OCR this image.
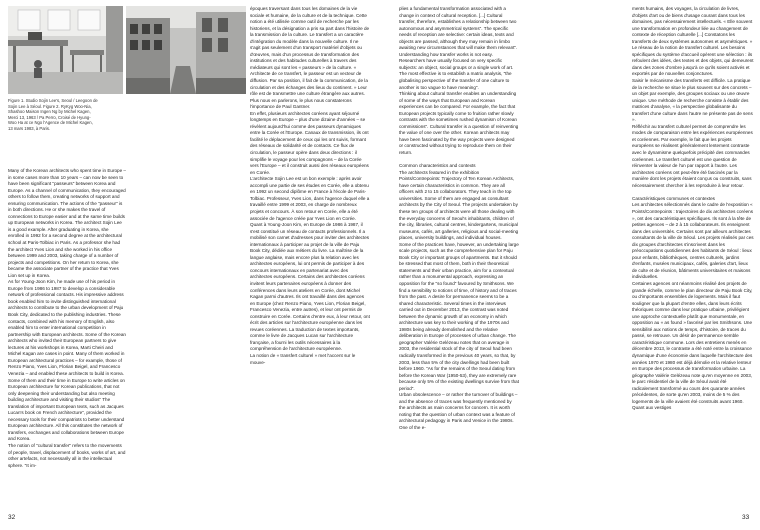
Figure 1. Studio Sojin Lee's, Seoul / Leegoon de Sojin Lee à Séoul. Figure 2. RyKyg Woo-Nia, Shashoo Maison Ingen Ng by Michel Kagen, Merci 13, 1963 / Pa Perro, Croisé de Hyung-Woo Ha at ce Ngo l'Agence de Michel Kagen, 13 mars 1983, à Paris.

Many of the Korean architects who spent time in Europe – in some cases more than 10 years – can now be seen to have been significant "passeurs" between Korea and Europe. As a channel of communication, they encouraged others to follow them, creating networks of support and ensuring communication. The actions of the "passeur" is in both directions. He or she makes the travel of connections to Europe easier and at the same time builds up European networks in Korea. The architect Sojin Lee is a good example. After graduating in Korea, she enrolled in 1992 for a second degree at the architectural school at Paris-Tolbiac in Paris. As a professor she had the architect Yves Lion and she worked in his office between 1999 and 2003, taking charge of a number of projects and competitions. On her return to Korea, she became the associate partner of the practice that Yves Lion set up in Korea.
As for Young-Joon Kim, he made use of his period in Europe from 1986 to 1987 to develop a considerable network of professional contacts. His impressive address book enabled him to invite distinguished international architects to contribute to the urban development of Paju Book City, dedicated to the publishing industries. These contacts, combined with his memory of English, also enabled him to enter international competition in partnership with European architects. Some of the Korean architects who invited their European partners to give lectures at his workshops in Korea, Marti Cheiri and Michel Kagan are cases in point. Many of them worked in European architectural practices – for example, those of Renzo Piano, Yves Lion, Florian Beigel, and Francesco Venezia – and enabled these architects to build in Korea. Some of them and their time in Europe to write articles on European architecture for Korean publications, that not only deepening their understanding but also meeting building architecture and visiting their studios" The translation of important European texts, such as Jacques Lucan's book on French architecture", provided the necessary tools for their compatriots to better understand European architecture. All this constitutes the network of transfers, exchanges and collaborations between Europe and Korea.
The notion of "cultural transfer" refers to the movements of people, travel, displacement of books, works of art, and other artefacts, not necessarily all in the intellectual sphere. "It im-

époques traversant dans tous les domaines de la vie sociale et humaine, de la culture et de la technique. Cette notion a été utilisée comme outil de recherche par les historiens, et la désignation a pris sa part dans l'histoire de la transmission de la culture. Le transfert a un caractère d'intégration du modèle dans la nouvelle culture. Il ne s'agit pas seulement d'un transport matériel d'objets ou d'œuvres, mais d'un processus de transformation des institutions et des habitudes culturelles à travers des médiateurs qui sont les « passeurs » de la culture. « Architecte de ce transfert, le passeur est un vecteur de diffusion. Par sa position, il fait de la communication, de la circulation et des échanges des lieux du continent. » Leur rôle est de transmettre une culture étrangère aux autres. Plus nous en parlerons, le plus nous constaterons l'importance de Paul Gantner.
En effet, plusieurs architectes coréens ayant séjourné longtemps en Europe – plus d'une dizaine d'années – se révèlent aujourd'hui comme des passeurs dynamiques entre la Corée et l'Europe. Canaux de transmission, ils ont facilité le déplacement de ceux qui les ont suivis, formant des réseaux de solidarité et de contacts. Ce flux de circulation, le passeur opère dans deux directions : il simplifie le voyage pour les compagnons – de la Corée vers l'Europe – et il construit aussi des réseaux européens en Corée.
L'architecte Sojin Lee est un bon exemple : après avoir accompli une partie de ses études en Corée, elle a obtenu en 1992 un second diplôme en France à l'école de Paris-Tolbiac. Professeur, Yves Lion, dans l'agence duquel elle a travaillé entre 1999 et 2003, en charge de nombreux projets et concours. À son retour en Corée, elle a été associée de l'agence créée par Yves Lion en Corée.
Quant à Young-Joon Kim, en Europe de 1986 à 1987, il s'est constitué un réseau de contacts professionnels. Il a mobilisé son carnet d'adresses pour inviter des architectes internationaux à participer au projet de la ville de Paju Book City, dédiée aux métiers du livre. La maîtrise de la langue anglaise, mais encore plus la relation avec les architectes européens, lui ont permis de participer à des concours internationaux en partenariat avec des architectes européens. Certains des architectes coréens invitent leurs partenaires européens à donner des conférences dans leurs ateliers en Corée, dont Michel Kagan parmi d'autres. Ils ont travaillé dans des agences en Europe (chez Renzo Piano, Yves Lion, Florian Beigel, Francesco Venezia, entre autres), et leur ont permis de construire en Corée. Certains d'entre eux, à leur retour, ont écrit des articles sur l'architecture européenne dans les revues coréennes. La traduction de textes importants, comme le livre de Jacques Lucan sur l'architecture française, a fourni les outils nécessaires à la compréhension de l'architecture européenne.
La notion de « transfert culturel » met l'accent sur le mouve-

32

plies a fundamental transformation associated with a change in context of cultural reception. [...] Cultural transfer, therefore, establishes a relationship between two autonomous and asymmetrical systems". The specific needs of reception are selective: certain ideas, texts and objects are passed, although they may remain in limbo awaiting new circumstances that will make them relevant".
Understanding how transfer works is not easy. Researchers have usually focused on very specific subjects: an object, social groups or a single work of art. The most effective is to establish a matrix analysis, "the globalising perspective of the transfer of one culture to another is too vague to have meaning".
Thinking about cultural transfer enables an understanding of some of the ways that European and Korean experiences can be compared. For example, the fact that European projects typically come to fruition rather slowly contrasts with the sometimes rushed dynamism of Korean commissions". Cultural transfer is a question of reinventing the value of one over the other. Korean architects may have been fascinated by the way projects were designed or constructed without trying to reproduce them on their return.

Common characteristics and contexts
The architects featured in the exhibition Points/Contrepoints: Trajectory of Ten Korean Architects, have certain characteristics in common. They are all officers with 2 to 15 collaborators. They teach in the top universities. Some of them are engaged as consultant architects by the City of Seoul. The projects undertaken by these ten groups of architects were all those dealing with the everyday concerns of Seoul's inhabitants, children of the city, libraries, cultural centres, kindergartens, municipal museums, cafés, art galleries, religious and social-meeting places, university buildings, and individual houses.
Some of the practices have, however, an undertaking large scale projects, such as the comprehensive plan for Paju Book City or important groups of apartments. But it should be stressed that most of them, both in their theoretical statements and their urban practice, aim for a contextual rather than a monumental approach, expressing an opposition for the "so found" favoured by Smithsons. We find a sensibility to notions of time, of history and of traces from the past. A desire for permanence seems to be a shared characteristic. Several times in the interviews carried out in December 2013, the contrast was noted between the dynamic growth of an economy in which architecture was key to their working of the 1970s and 1980s being already demolished and the relative deliberation in Europe of processes of urban change. The geographer Valérie Gelézeau notes that on average in 2003, the residential stock of the city of Seoul had been radically transformed in the previous 40 years, so that, by 2003, less than 5% of the city dwellings had been built before 1960. "As for the remains of the Seoul dating from before the Korean War (1950-53), they are extremely rare because only 5% of the existing dwellings survive from that period".
Urban obsolescence – or rather the turnover of buildings – and the absence of traces was frequently mentioned by the architects as main concerns for concern. It is worth noting that the question of urban context was a feature of architectural pedagogy in Paris and Venice in the 1980s. One of the e-

ments humains, des voyages, la circulation de livres, d'objets d'art ou de biens d'usage courant dans tous les domaines, pas nécessairement intellectuels. « Elle souvent une transformation en profondeur liée au changement de contexte de réception culturelle [...] Constatons les transferts de deux systèmes autonomes et asymétriques. » Le réseau de la notion de transfert culturel. Les besoins spécifiques du système d'accueil opèrent une sélection : ils refoulent des idées, des textes et des objets, qui demeurent dans des zones d'ombre jusqu'à ce qu'ils soient activés et exportés par de nouvelles conjonctures.
Saisir le mécanisme des transferts est difficile. La pratique de la recherche se situe le plus souvent sur des concrets – un objet par exemple, des groupes sociaux ou une œuvre unique. Une méthode de recherche consiste à établir des matrices d'analyse, « la perspective globalisante du transfert d'une culture dans l'autre ne présente pas de sens ».
Réfléchir au transfert culturel permet de comprendre les modes de comparaison entre les expériences européennes et coréennes. Par exemple, le fait que les projets européens se réalisent généralement lentement contraste avec le dynamisme quelquefois précipité des commandes coréennes. Le transfert culturel est une question de réinventer la valeur de l'un par rapport à l'autre. Les architectes coréens ont peut-être été fascinés par la manière dont les projets étaient conçus ou construits, sans nécessairement chercher à les reproduire à leur retour.

Caractéristiques communes et contextes
Les architectes sélectionnés dans le cadre de l'exposition « Points/Contrepoints : trajectoires de dix architectes coréens », ont des caractéristiques spécifiques. Ils sont à la tête de petites agences – de 2 à 15 collaborateurs. Ils enseignent dans des universités. Certains sont par ailleurs architectes consultants de la ville de Séoul. Les projets réalisés par ces dix groupes d'architectes s'inscrivent dans les préoccupations quotidiennes des habitants de Séoul : lieux pour enfants, bibliothèques, centres culturels, jardins d'enfants, musées municipaux, cafés, galeries d'art, lieux de culte et de réunion, bâtiments universitaires et maisons individuelles.
Certaines agences ont néanmoins réalisé des projets de grande échelle, comme le plan directeur de Paju Book City, ou d'importants ensembles de logements. Mais il faut souligner que la plupart d'entre elles, dans leurs écrits théoriques comme dans leur pratique urbaine, privilégient une approche contextuelle plutôt que monumentale, en opposition au « as found » favorisé par les Smithsons. Une sensibilité aux notions de temps, d'histoire, de traces du passé, se retrouve. Un désir de permanence semble caractéristique commune. Lors des entretiens menés en décembre 2013, le contraste a été noté entre la croissance dynamique d'une économie dans laquelle l'architecture des années 1970 et 1980 est déjà démolie et la relative lenteur en Europe des processus de transformation urbaine. La géographe Valérie Gelézeau note qu'en moyenne en 2003, le parc résidentiel de la ville de Séoul avait été radicalement transformé au cours des quarante années précédentes, de sorte qu'en 2003, moins de 5 % des logements de la ville avaient été construits avant 1960. Quant aux vestiges

33
